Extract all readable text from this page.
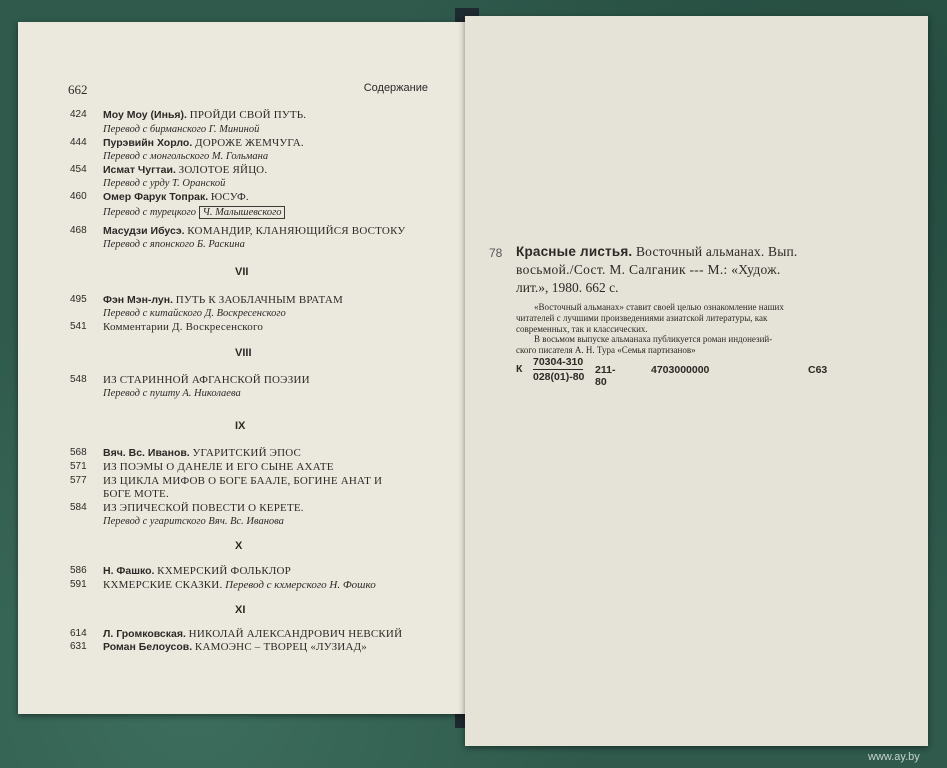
662	Содержание
424	Моу Моу (Инья). ПРОЙДИ СВОЙ ПУТЬ.
Перевод с бирманского Г. Мининой
444	Пурэвийн Хорло. ДОРОЖЕ ЖЕМЧУГА.
Перевод с монгольского М. Гольмана
454	Исмат Чугтаи. ЗОЛОТОЕ ЯЙЦО.
Перевод с урду Т. Оранской
460	Омер Фарук Топрак. ЮСУФ.
Перевод с турецкого Ч. Малышевского
468	Масудзи Ибусэ. КОМАНДИР, КЛАНЯЮЩИЙСЯ ВОСТОКУ
Перевод с японского Б. Раскина
VII
495	Фэн Мэн-лун. ПУТЬ К ЗАОБЛАЧНЫМ ВРАТАМ
Перевод с китайского Д. Воскресенского
541	Комментарии Д. Воскресенского
VIII
548	ИЗ СТАРИННОЙ АФГАНСКОЙ ПОЭЗИИ
Перевод с пушту А. Николаева
IX
568	Вяч. Вс. Иванов. УГАРИТСКИЙ ЭПОС
571	ИЗ ПОЭМЫ О ДАНЕЛЕ И ЕГО СЫНЕ АХАТЕ
577	ИЗ ЦИКЛА МИФОВ О БОГЕ БААЛЕ, БОГИНЕ АНАТ И
БОГЕ МОТЕ.
584	ИЗ ЭПИЧЕСКОЙ ПОВЕСТИ О КЕРЕТЕ.
Перевод с угаритского Вяч. Вс. Иванова
X
586	Н. Фашко. КХМЕРСКИЙ ФОЛЬКЛОР
591	КХМЕРСКИЕ СКАЗКИ. Перевод с кхмерского Н. Фошко
XI
614	Л. Громковская. НИКОЛАЙ АЛЕКСАНДРОВИЧ НЕВСКИЙ
631	Роман Белоусов. КАМОЭНС – ТВОРЕЦ «ЛУЗИАД»
78 Красные листья. Восточный альманах. Вып.
восьмой./Сост. М. Салганик --- М.: «Худож.
лит.», 1980. 662 с.
«Восточный альманах» ставит своей целью ознакомление наших
читателей с лучшими произведениями азиатской литературы, как
современных, так и классических.
В восьмом выпуске альманаха публикуется роман индонезий-
ского писателя А. Н. Тура «Семья партизанов»
К
70304-310
028(01)-80
211-80
4703000000	С63
www.ay.by
